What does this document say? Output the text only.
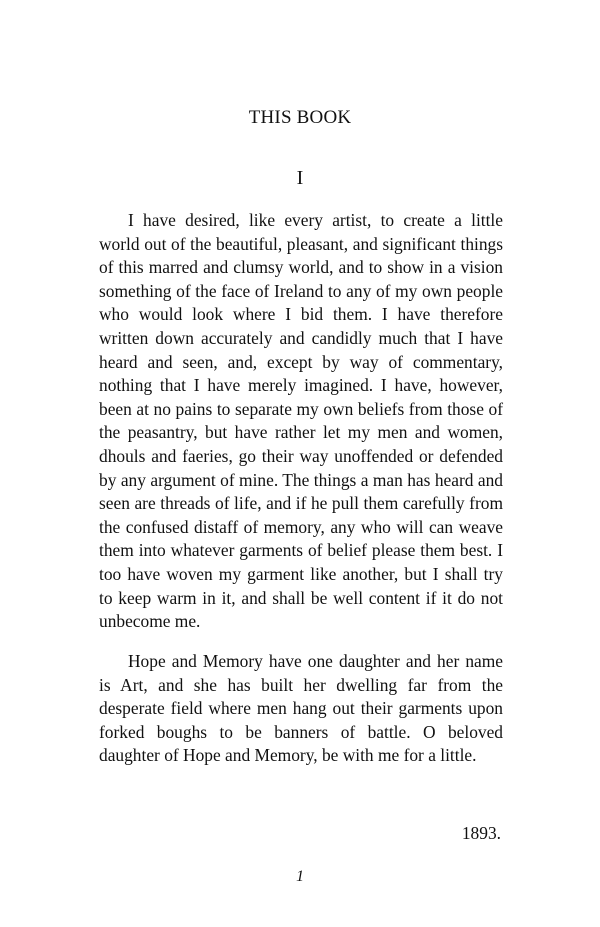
THIS BOOK
I

I have desired, like every artist, to create a little world out of the beautiful, pleasant, and significant things of this marred and clumsy world, and to show in a vision something of the face of Ireland to any of my own people who would look where I bid them. I have therefore written down accurately and candidly much that I have heard and seen, and, except by way of commentary, nothing that I have merely imagined. I have, however, been at no pains to separate my own beliefs from those of the peasantry, but have rather let my men and women, dhouls and faeries, go their way unoffended or defended by any argument of mine. The things a man has heard and seen are threads of life, and if he pull them carefully from the confused distaff of memory, any who will can weave them into whatever garments of belief please them best. I too have woven my garment like another, but I shall try to keep warm in it, and shall be well content if it do not unbecome me.

Hope and Memory have one daughter and her name is Art, and she has built her dwelling far from the desperate field where men hang out their garments upon forked boughs to be banners of battle. O beloved daughter of Hope and Memory, be with me for a little.

1893.
1
